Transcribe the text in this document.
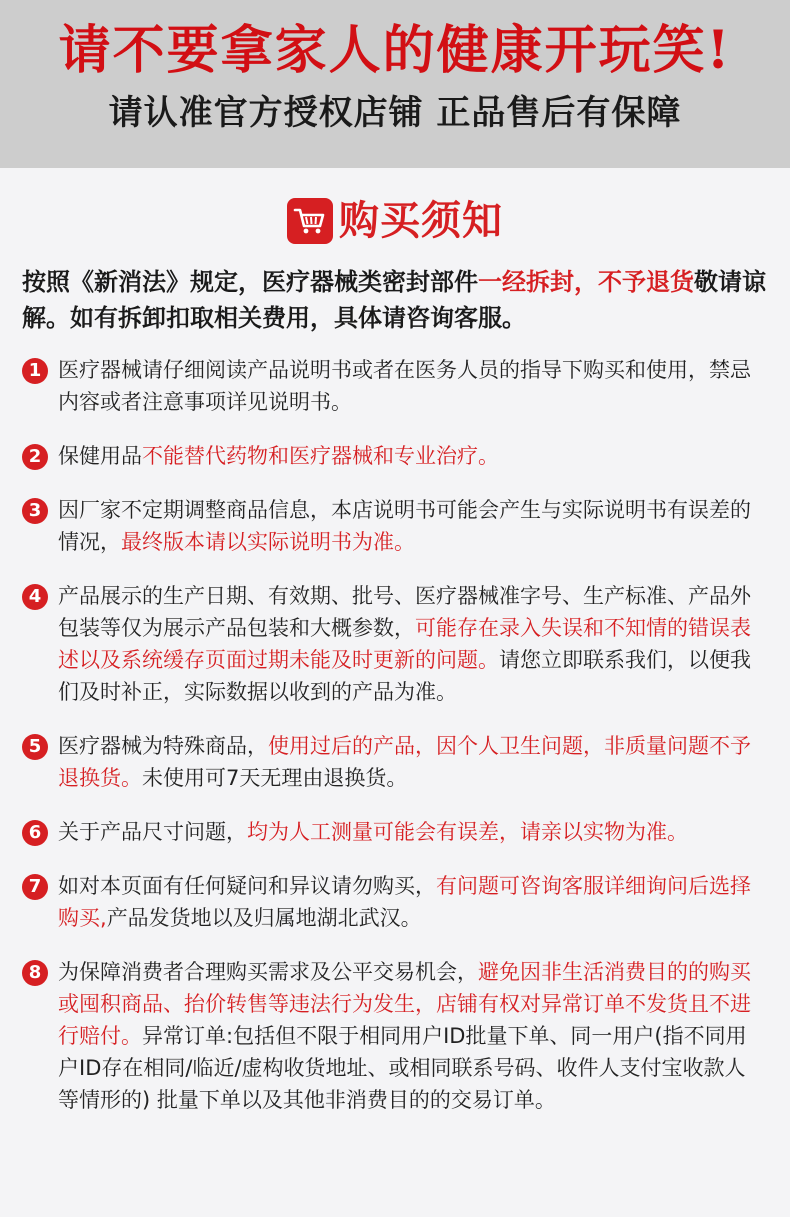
请不要拿家人的健康开玩笑!
请认准官方授权店铺 正品售后有保障
购买须知
按照《新消法》规定，医疗器械类密封部件一经拆封，不予退货敬请谅解。如有拆卸扣取相关费用，具体请咨询客服。
1 医疗器械请仔细阅读产品说明书或者在医务人员的指导下购买和使用，禁忌内容或者注意事项详见说明书。
2 保健用品不能替代药物和医疗器械和专业治疗。
3 因厂家不定期调整商品信息，本店说明书可能会产生与实际说明书有误差的情况，最终版本请以实际说明书为准。
4 产品展示的生产日期、有效期、批号、医疗器械准字号、生产标准、产品外包装等仅为展示产品包装和大概参数，可能存在录入失误和不知情的错误表述以及系统缓存页面过期未能及时更新的问题。请您立即联系我们，以便我们及时补正，实际数据以收到的产品为准。
5 医疗器械为特殊商品，使用过后的产品，因个人卫生问题，非质量问题不予退换货。未使用可7天无理由退换货。
6 关于产品尺寸问题，均为人工测量可能会有误差，请亲以实物为准。
7 如对本页面有任何疑问和异议请勿购买，有问题可咨询客服详细询问后选择购买,产品发货地以及归属地湖北武汉。
8 为保障消费者合理购买需求及公平交易机会，避免因非生活消费目的的购买或囤积商品、抬价转售等违法行为发生，店铺有权对异常订单不发货且不进行赔付。异常订单:包括但不限于相同用户ID批量下单、同一用户(指不同用户ID存在相同/临近/虚构收货地址、或相同联系号码、收件人支付宝收款人等情形的) 批量下单以及其他非消费目的的交易订单。
